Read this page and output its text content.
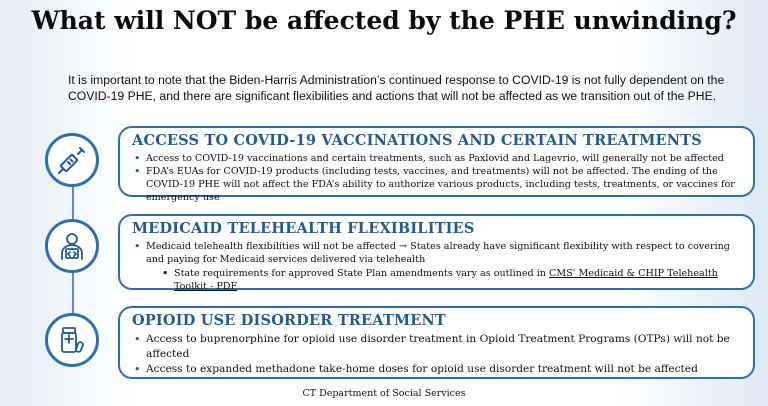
What will NOT be affected by the PHE unwinding?

It is important to note that the Biden-Harris Administration’s continued response to COVID-19 is not fully dependent on the COVID-19 PHE, and there are significant flexibilities and actions that will not be affected as we transition out of the PHE.

ACCESS TO COVID-19 VACCINATIONS AND CERTAIN TREATMENTS
• Access to COVID-19 vaccinations and certain treatments, such as Paxlovid and Lagevrio, will generally not be affected
• FDA’s EUAs for COVID-19 products (including tests, vaccines, and treatments) will not be affected. The ending of the COVID-19 PHE will not affect the FDA’s ability to authorize various products, including tests, treatments, or vaccines for emergency use
MEDICAID TELEHEALTH FLEXIBILITIES
• Medicaid telehealth flexibilities will not be affected → States already have significant flexibility with respect to covering and paying for Medicaid services delivered via telehealth
• State requirements for approved State Plan amendments vary as outlined in CMS' Medicaid & CHIP Telehealth Toolkit - PDF
OPIOID USE DISORDER TREATMENT
• Access to buprenorphine for opioid use disorder treatment in Opioid Treatment Programs (OTPs) will not be affected
• Access to expanded methadone take-home doses for opioid use disorder treatment will not be affected
CT Department of Social Services
